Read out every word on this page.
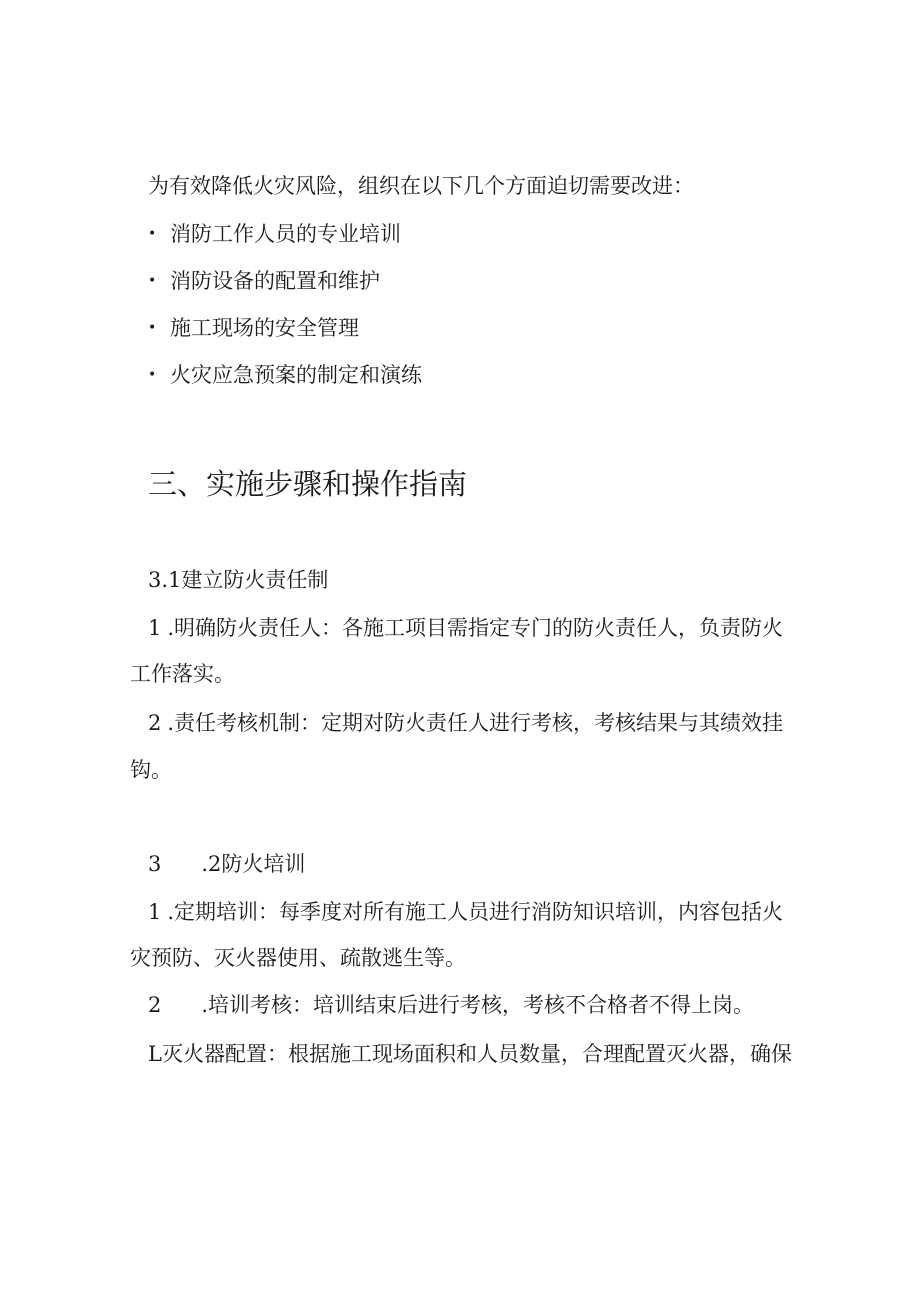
为有效降低火灾风险，组织在以下几个方面迫切需要改进：
• 消防工作人员的专业培训
• 消防设备的配置和维护
• 施工现场的安全管理
• 火灾应急预案的制定和演练
三、实施步骤和操作指南
3.1建立防火责任制
1 .明确防火责任人：各施工项目需指定专门的防火责任人，负责防火
工作落实。
2 .责任考核机制：定期对防火责任人进行考核，考核结果与其绩效挂
钩。
3 .2防火培训
1 .定期培训：每季度对所有施工人员进行消防知识培训，内容包括火
灾预防、灭火器使用、疏散逃生等。
2 .培训考核：培训结束后进行考核，考核不合格者不得上岗。
L灭火器配置：根据施工现场面积和人员数量，合理配置灭火器，确保
